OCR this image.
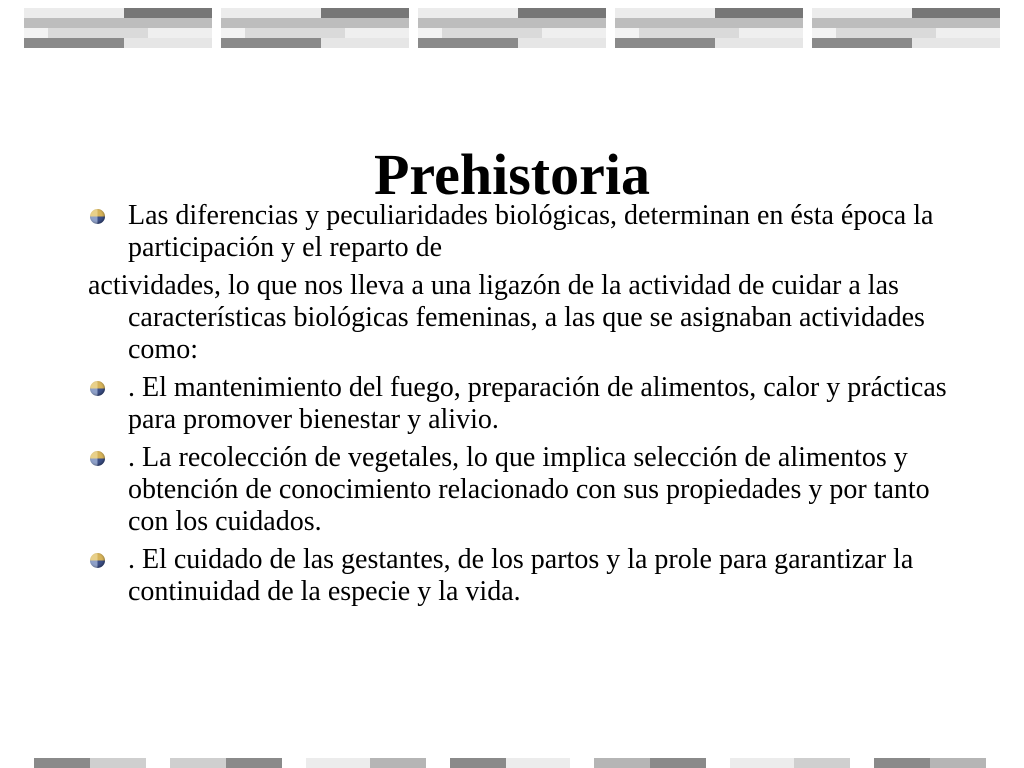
Prehistoria

Las diferencias y peculiaridades biológicas, determinan en ésta época la participación y el reparto de

actividades, lo que nos lleva a una ligazón de la actividad de cuidar a las características biológicas femeninas, a las que se asignaban actividades como:

. El mantenimiento del fuego, preparación de alimentos, calor y prácticas para promover bienestar y alivio.

. La recolección de vegetales, lo que implica selección de alimentos y obtención de conocimiento relacionado con sus propiedades y por tanto con los cuidados.

. El cuidado de las gestantes, de los partos y la prole para garantizar la continuidad de la especie y la vida.
